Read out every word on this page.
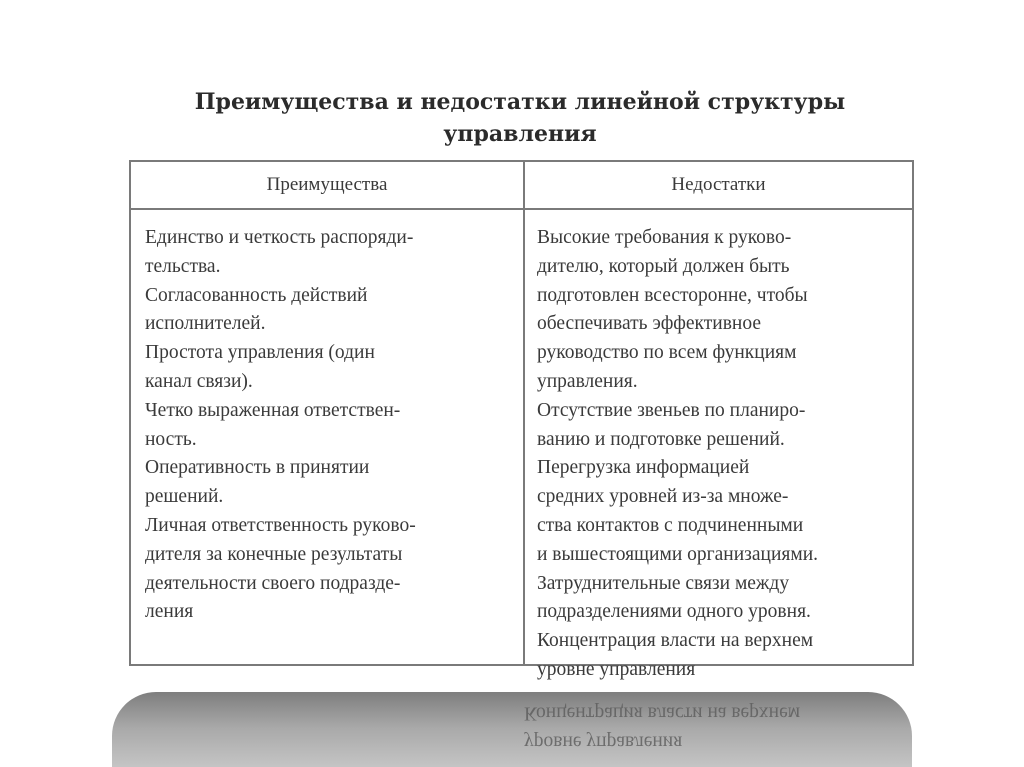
Преимущества и недостатки линейной структуры
управления
Преимущества	Недостатки
Единство и четкость распоряди-
тельства.
Согласованность действий
исполнителей.
Простота управления (один
канал связи).
Четко выраженная ответствен-
ность.
Оперативность в принятии
решений.
Личная ответственность руково-
дителя за конечные результаты
деятельности своего подразде-
ления
Высокие требования к руково-
дителю, который должен быть
подготовлен всесторонне, чтобы
обеспечивать эффективное
руководство по всем функциям
управления.
Отсутствие звеньев по планиро-
ванию и подготовке решений.
Перегрузка информацией
средних уровней из-за множе-
ства контактов с подчиненными
и вышестоящими организациями.
Затруднительные связи между
подразделениями одного уровня.
Концентрация власти на верхнем
уровне управления
уровне управления
Концентрация власти на верхнем
